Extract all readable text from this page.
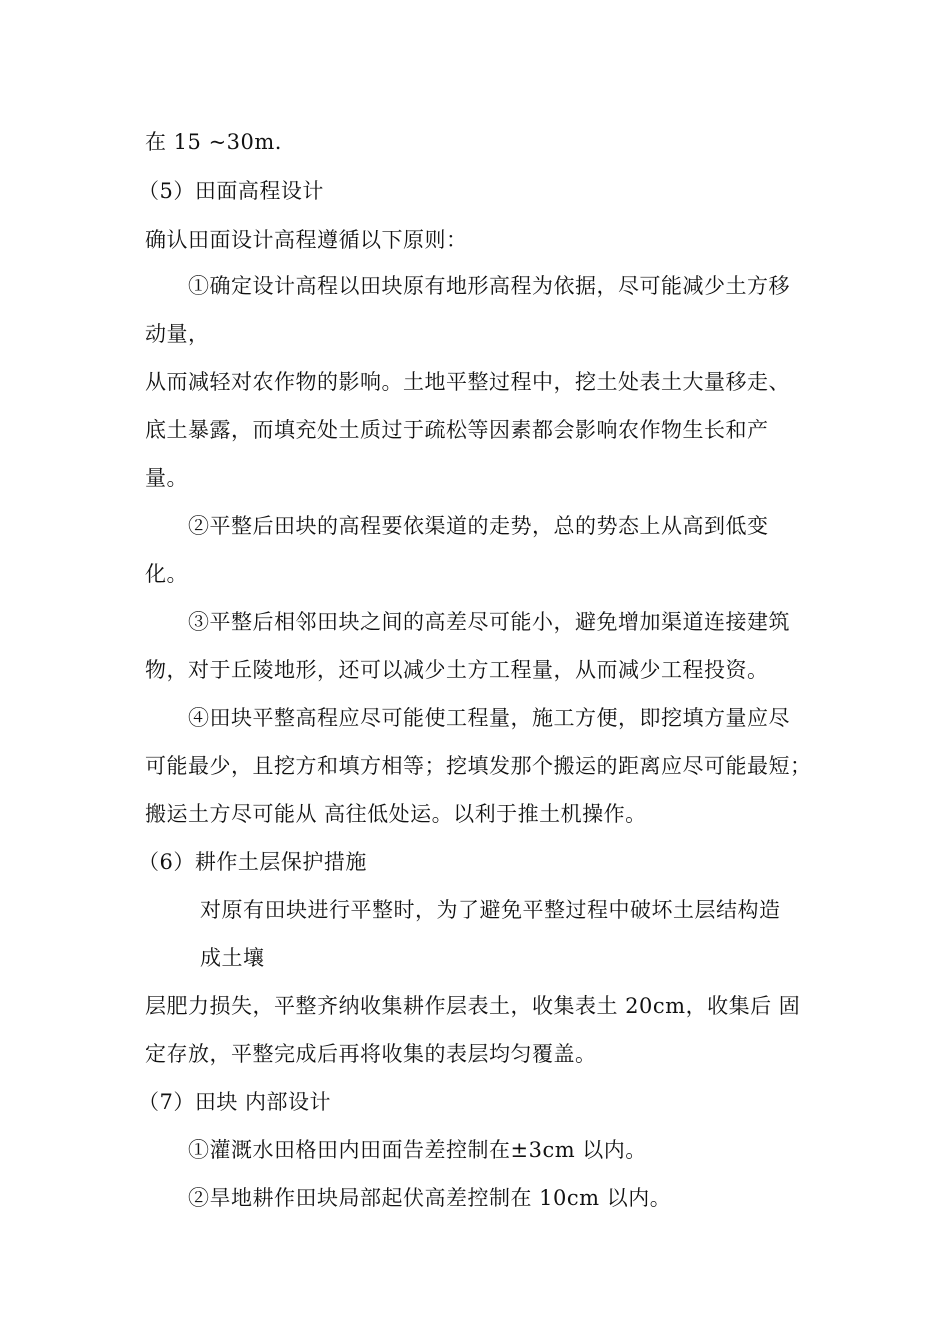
在 15 ~30m.
（5）田面高程设计
确认田面设计高程遵循以下原则：
①确定设计高程以田块原有地形高程为依据，尽可能减少土方移
动量，
从而减轻对农作物的影响。土地平整过程中，挖土处表土大量移走、
底土暴露，而填充处土质过于疏松等因素都会影响农作物生长和产
量。
②平整后田块的高程要依渠道的走势，总的势态上从高到低变
化。
③平整后相邻田块之间的高差尽可能小，避免增加渠道连接建筑
物，对于丘陵地形，还可以减少土方工程量，从而减少工程投资。
④田块平整高程应尽可能使工程量，施工方便，即挖填方量应尽
可能最少，且挖方和填方相等；挖填发那个搬运的距离应尽可能最短；
搬运土方尽可能从 高往低处运。以利于推土机操作。
（6）耕作土层保护措施
对原有田块进行平整时，为了避免平整过程中破坏土层结构造
成土壤
层肥力损失，平整齐纳收集耕作层表土，收集表土 20cm，收集后 固
定存放，平整完成后再将收集的表层均匀覆盖。
（7）田块 内部设计
①灌溉水田格田内田面告差控制在±3cm 以内。
②旱地耕作田块局部起伏高差控制在 10cm 以内。
